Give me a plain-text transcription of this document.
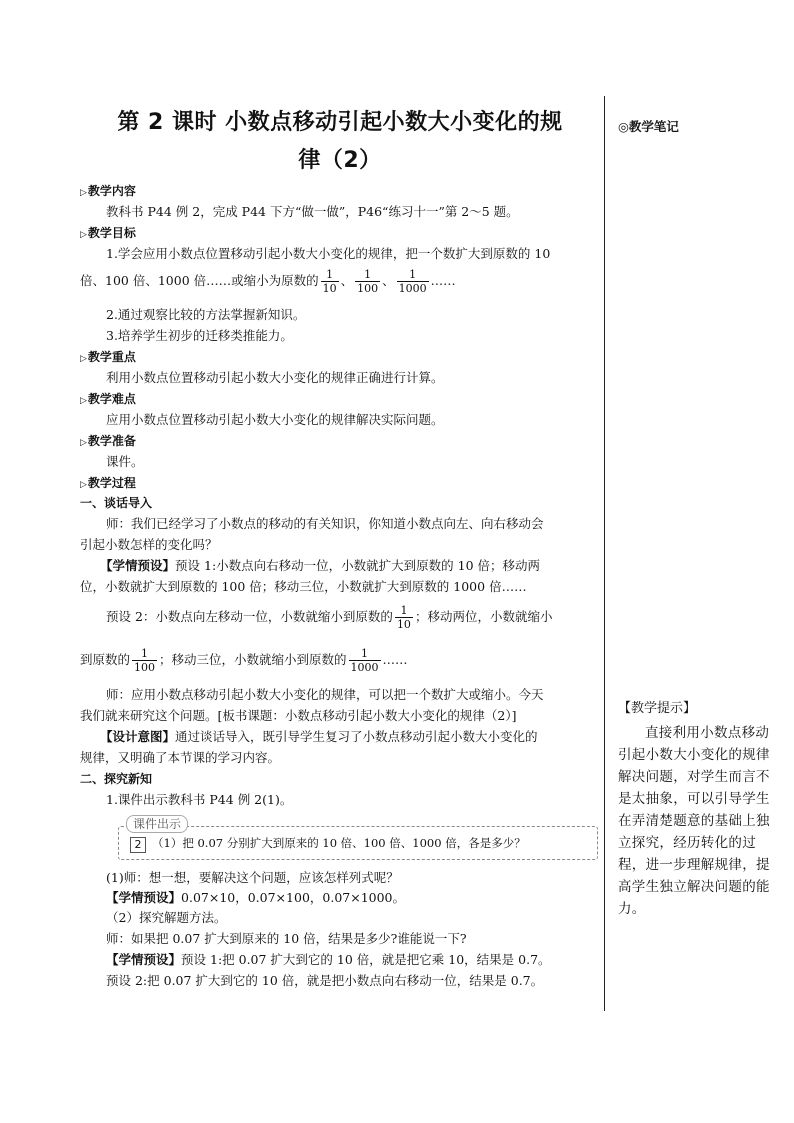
第 2 课时 小数点移动引起小数大小变化的规
律（2）
◎教学笔记
▷教学内容
教科书 P44 例 2，完成 P44 下方“做一做”，P46“练习十一”第 2～5 题。
▷教学目标
1.学会应用小数点位置移动引起小数大小变化的规律，把一个数扩大到原数的 10
倍、100 倍、1000 倍……或缩小为原数的 $\frac{1}{10}$ 、 $\frac{1}{100}$ 、 $\frac{1}{1000}$ ……
2.通过观察比较的方法掌握新知识。
3.培养学生初步的迁移类推能力。
▷教学重点
利用小数点位置移动引起小数大小变化的规律正确进行计算。
▷教学难点
应用小数点位置移动引起小数大小变化的规律解决实际问题。
▷教学准备
课件。
▷教学过程
一、谈话导入
师：我们已经学习了小数点的移动的有关知识，你知道小数点向左、向右移动会
引起小数怎样的变化吗？
【学情预设】预设 1:小数点向右移动一位，小数就扩大到原数的 10 倍；移动两
位，小数就扩大到原数的 100 倍；移动三位，小数就扩大到原数的 1000 倍……
预设 2：小数点向左移动一位，小数就缩小到原数的 $\frac{1}{10}$ ；移动两位，小数就缩小
到原数的 $\frac{1}{100}$ ；移动三位，小数就缩小到原数的 $\frac{1}{1000}$ ……
师：应用小数点移动引起小数大小变化的规律，可以把一个数扩大或缩小。今天
我们就来研究这个问题。[板书课题：小数点移动引起小数大小变化的规律（2）]
【设计意图】通过谈话导入，既引导学生复习了小数点移动引起小数大小变化的
规律，又明确了本节课的学习内容。
二、探究新知
1.课件出示教科书 P44 例 2(1)。
课件出示
2 （1）把 0.07 分别扩大到原来的 10 倍、100 倍、1000 倍，各是多少？
(1)师：想一想，要解决这个问题，应该怎样列式呢？
【学情预设】0.07×10，0.07×100，0.07×1000。
（2）探究解题方法。
师：如果把 0.07 扩大到原来的 10 倍，结果是多少?谁能说一下?
【学情预设】预设 1:把 0.07 扩大到它的 10 倍，就是把它乘 10，结果是 0.7。
预设 2:把 0.07 扩大到它的 10 倍，就是把小数点向右移动一位，结果是 0.7。
【教学提示】
直接利用小数点移动引起小数大小变化的规律解决问题，对学生而言不是太抽象，可以引导学生在弄清楚题意的基础上独立探究，经历转化的过程，进一步理解规律，提高学生独立解决问题的能力。
